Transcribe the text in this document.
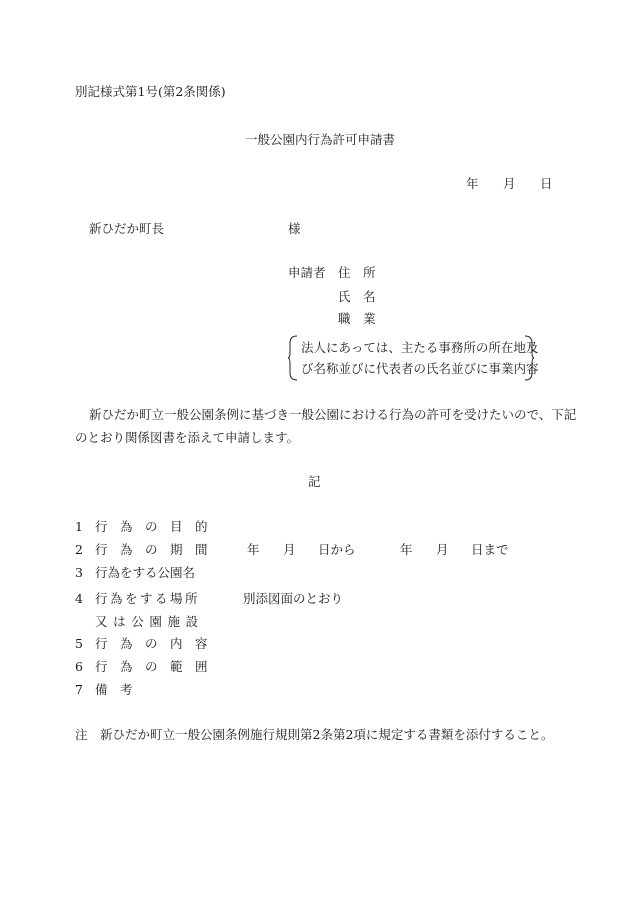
別記様式第1号(第2条関係)
一般公園内行為許可申請書
年 月 日
新ひだか町長	様
申請者 住　所
氏　名
職　業
法人にあっては、主たる事務所の所在地及
び名称並びに代表者の氏名並びに事業内容
新ひだか町立一般公園条例に基づき一般公園における行為の許可を受けたいので、下記
のとおり関係図書を添えて申請します。
記
1 行　為　の　目　的
2 行　為　の　期　間	年 月 日から	年 月 日まで
3 行為をする公園名
4 行為をする場所	別添図面のとおり
又は公園施設
5 行　為　の　内　容
6 行　為　の　範　囲
7 備　考
注　新ひだか町立一般公園条例施行規則第2条第2項に規定する書類を添付すること。
